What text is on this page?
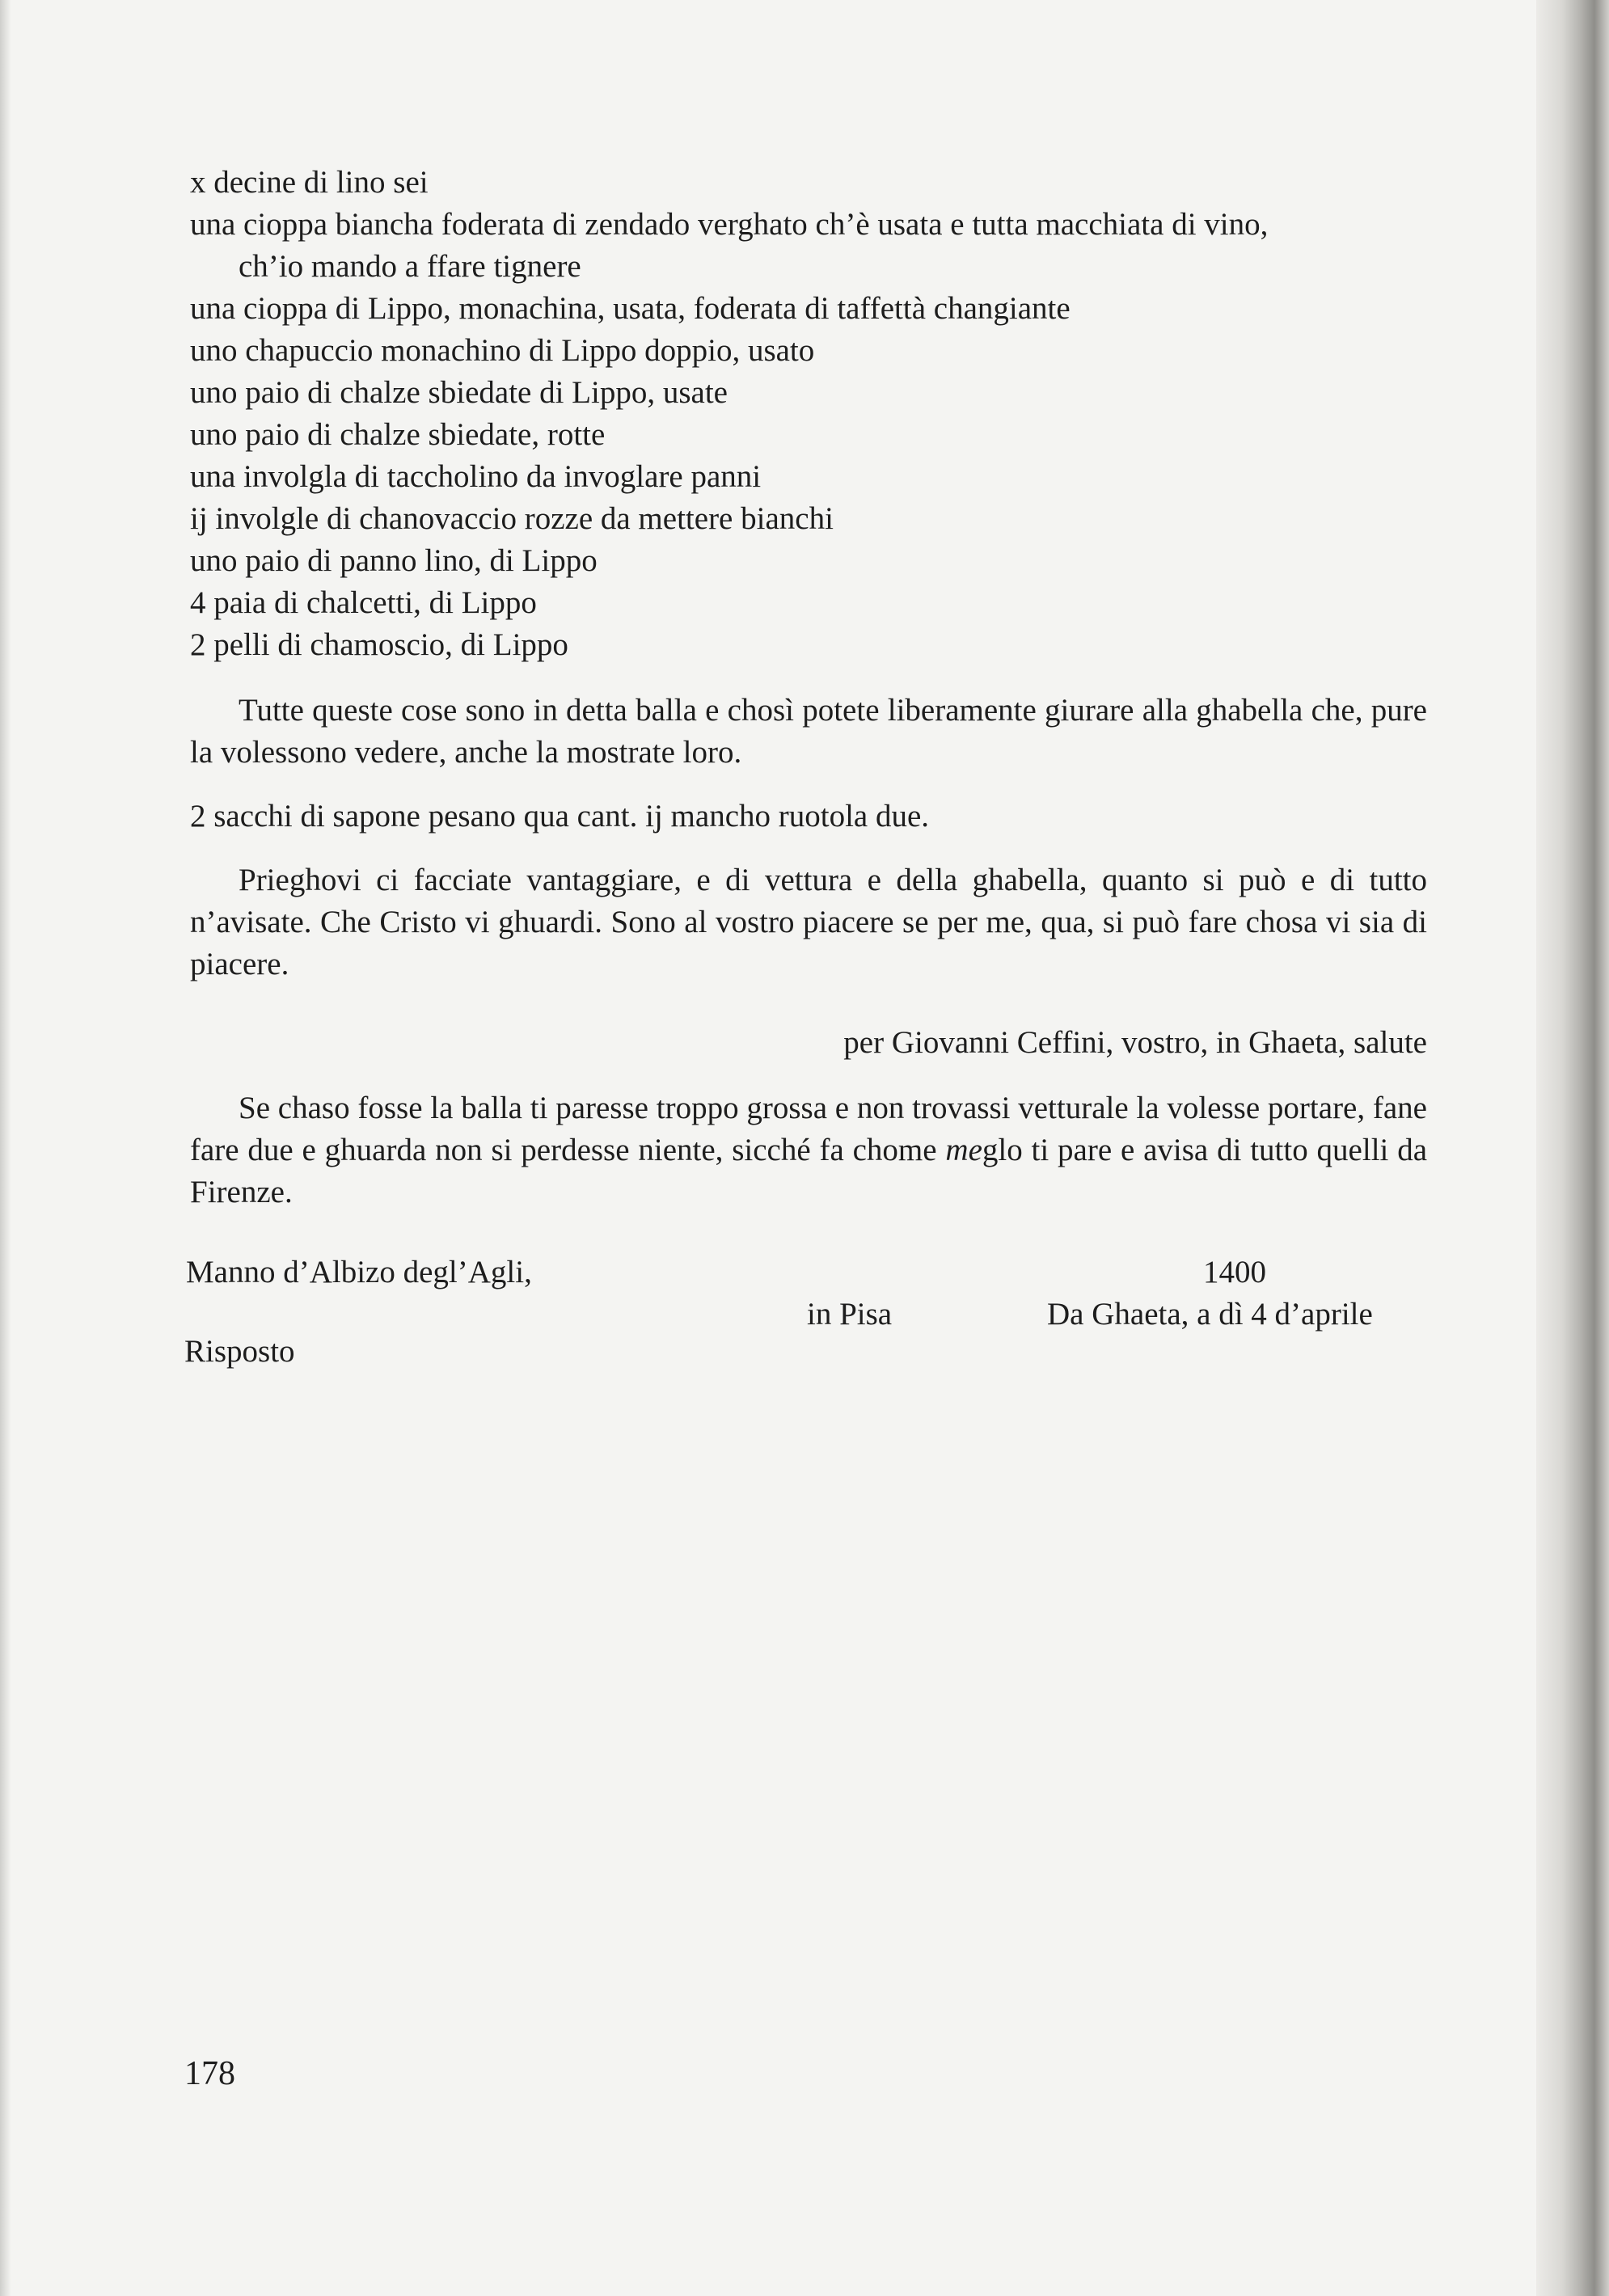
x decine di lino sei
una cioppa biancha foderata di zendado verghato ch’è usata e tutta macchiata di vino,
ch’io mando a ffare tignere
una cioppa di Lippo, monachina, usata, foderata di taffettà changiante
uno chapuccio monachino di Lippo doppio, usato
uno paio di chalze sbiedate di Lippo, usate
uno paio di chalze sbiedate, rotte
una involgla di taccholino da invoglare panni
ij involgle di chanovaccio rozze da mettere bianchi
uno paio di panno lino, di Lippo
4 paia di chalcetti, di Lippo
2 pelli di chamoscio, di Lippo

Tutte queste cose sono in detta balla e chosì potete liberamente giurare alla ghabella che, pure la volessono vedere, anche la mostrate loro.

2 sacchi di sapone pesano qua cant. ij mancho ruotola due.

Prieghovi ci facciate vantaggiare, e di vettura e della ghabella, quanto si può e di tutto n’avisate. Che Cristo vi ghuardi. Sono al vostro piacere se per me, qua, si può fare chosa vi sia di piacere.

per Giovanni Ceffini, vostro, in Ghaeta, salute

Se chaso fosse la balla ti paresse troppo grossa e non trovassi vetturale la volesse portare, fane fare due e ghuarda non si perdesse niente, sicché fa chome meglo ti pare e avisa di tutto quelli da Firenze.

Manno d’Albizo degl’Agli,	1400
in Pisa	Da Ghaeta, a dì 4 d’aprile
Risposto
178
